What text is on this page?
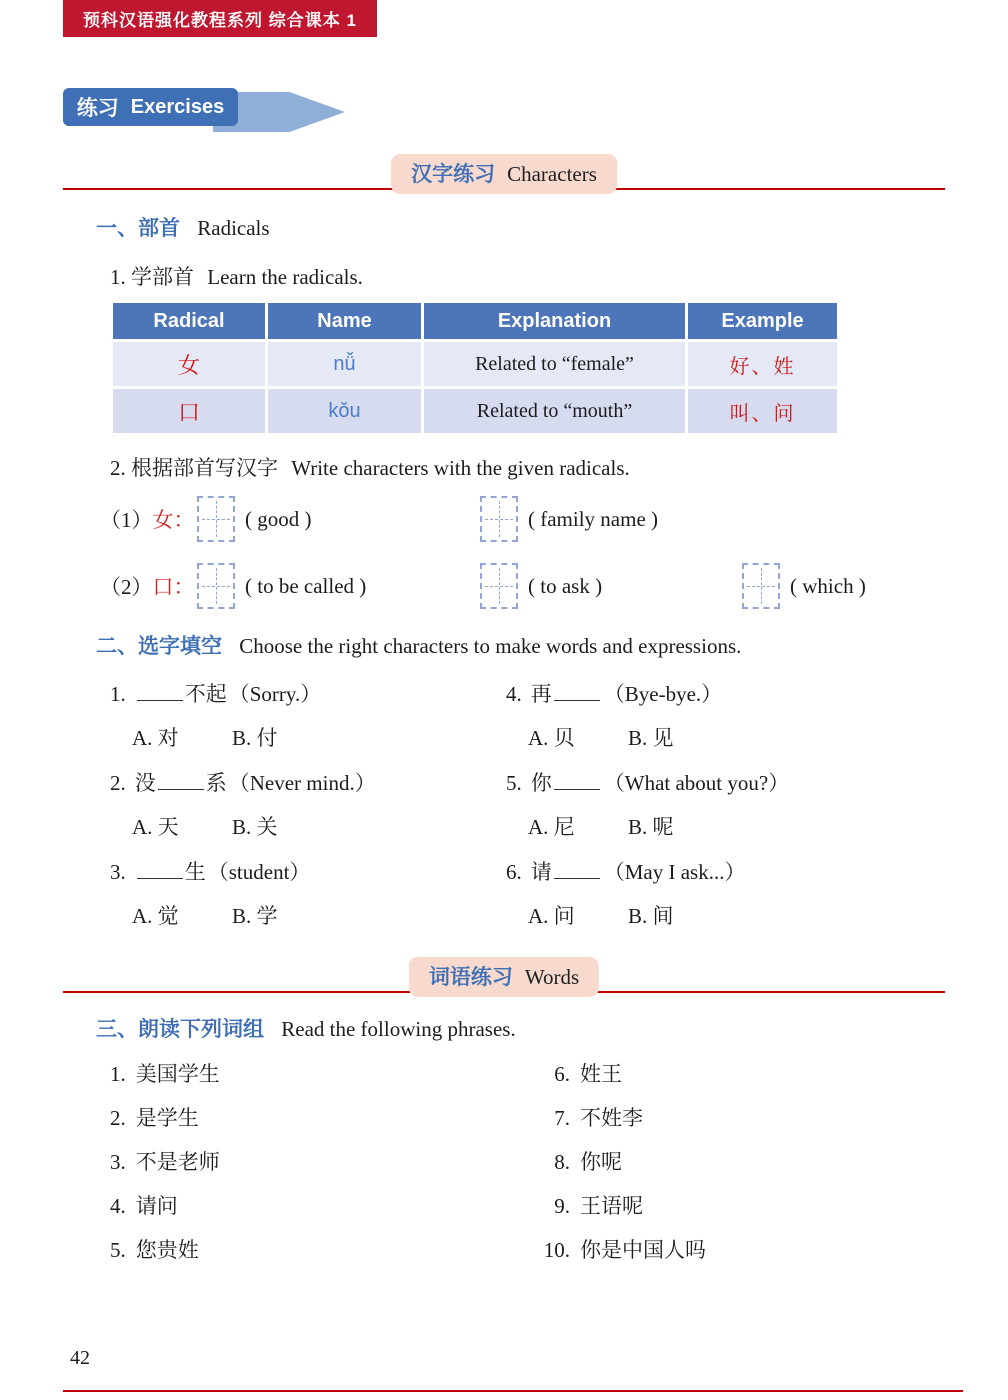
预科汉语强化教程系列 综合课本 1
练习 Exercises
汉字练习 Characters
一、部首 Radicals
1. 学部首 Learn the radicals.
Radical	Name	Explanation	Example
女	nǚ	Related to “female”	好、姓
口	kǒu	Related to “mouth”	叫、问
2. 根据部首写汉字 Write characters with the given radicals.
（1）女： ( good )	( family name )
（2）口： ( to be called )	( to ask )	( which )
二、选字填空 Choose the right characters to make words and expressions.
1.	不起（Sorry.）
A. 对	B. 付
2. 没 系（Never mind.）
A. 天	B. 关
3.	生（student）
A. 觉	B. 学
4. 再 （Bye-bye.）
A. 贝	B. 见
5. 你 （What about you?）
A. 尼	B. 呢
6. 请 （May I ask...）
A. 问	B. 间
词语练习 Words
三、朗读下列词组 Read the following phrases.
1. 美国学生
2. 是学生
3. 不是老师
4. 请问
5. 您贵姓
6. 姓王
7. 不姓李
8. 你呢
9. 王语呢
10. 你是中国人吗
42
